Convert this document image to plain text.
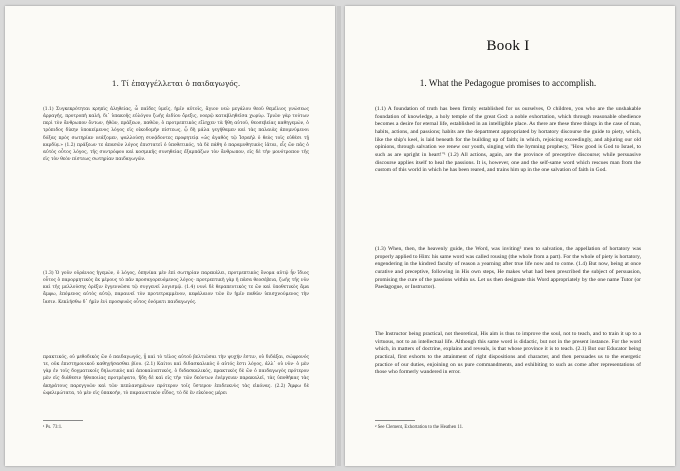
1. Τί ἐπαγγέλλεται ὁ παιδαγωγός.

(1.1) Συγκεκρότηται κρηπὶς ἀληθείας, ὦ παῖδες ὑμεῖς, ἡμῖν αὐτοῖς, ἄγιον νεὼ μεγάλου θεοῦ θεμέλιος γνώσεως ἀρραγής, προτροπὴ καλή, δι᾽ ὑπακοῆς εὐλόγου ζωῆς ἀιδίου ὄρεξις, νοερῷ καταβληθεῖσα χωρίῳ. Τριῶν γὰρ τούτων περὶ τὸν ἄνθρωπον ὄντων, ἠθῶν, πράξεων, παθῶν, ὁ προτρεπτικὸς εἴληχεν τὰ ἤθη αὐτοῦ, θεοσεβείας καθηγεμών, ὁ τρόπιδος δίκην ὑποκείμενος λόγος εἰς οἰκοδομὴν πίστεως, ᾧ δὴ μάλα γεγήθαμεν καὶ τὰς παλαιὰς ἀπομνύμενοι δόξας πρὸς σωτηρίαν νεάζομεν, ψαλλούσῃ συνᾴδοντες προφητείᾳ «ὡς ἀγαθὸς τῷ Ἰσραὴλ ὁ θεὸς τοῖς εὐθέσι τῇ καρδίᾳ.» (1.2) πράξεων τε ἁπασῶν λόγος ἐπιστατεῖ ὁ ὑποθετικός, τὰ δὲ πάθη ὁ παραμυθητικὸς ἰᾶται, εἷς ὢν πᾶς ὁ αὐτὸς οὗτος λόγος, τῆς συντρόφου καὶ κοσμικῆς συνηθείας ἐξαρπάζων τὸν ἄνθρωπον, εἰς δὲ τὴν μονότροπον τῆς εἰς τὸν θεὸν πίστεως σωτηρίαν παιδαγωγῶν.

(1.3) Ὁ γοῦν οὐράνιος ἡγεμών, ὁ λόγος, ὁπηνίκα μὲν ἐπὶ σωτηρίαν παρεκάλει, προτρεπτικὸς ὄνομα αὐτῷ ἦν ἴδιος οὗτος ὁ παρορμητικὸς ἐκ μέρους τὸ πᾶν προσαγορευόμενος λόγος· προτρεπτικὴ γὰρ ἡ πᾶσα θεοσέβεια, ζωῆς τῆς νῦν καὶ τῆς μελλούσης ὀρέξιν ἐγγεννῶσα τῷ συγγενεῖ λογισμῷ. (1.4) νυνὶ δὲ θεραπευτικὸς τε ὢν καὶ ὑποθετικὸς ἅμα ἄμφω, ἐπόμενος αὐτὸς αὑτῷ, παραινεῖ τὸν προτετραμμένον, κεφάλαιον τῶν ἐν ἡμῖν παθῶν ὑπισχνούμενος τὴν ἴασιν. Κεκλήσθω δ᾽ ἡμῖν ἑνὶ προσφυῶς οὗτος ὀνόματι παιδαγωγός.

πρακτικός, οὐ μεθοδικὸς ὢν ὁ παιδαγωγός, ᾗ καὶ τὸ τέλος αὐτοῦ βελτιῶσαι τὴν ψυχήν ἐστιν, οὐ διδάξαι, σώφρονός τε, οὐκ ἐπιστημονικοῦ καθηγήσασθαι βίου. (2.1) Καίτοι καὶ διδασκαλικὸς ὁ αὐτός ἐστι λόγος, ἀλλ᾽ οὐ νῦν· ὁ μὲν γὰρ ἐν τοῖς δογματικοῖς δηλωτικὸς καὶ ἀποκαλυπτικός, ὁ διδασκαλικός, πρακτικὸς δὲ ὢν ὁ παιδαγωγὸς πρότερον μὲν εἰς διάθεσιν ἠθοποιίας προτρέψατο, ἤδη δὲ καὶ εἰς τὴν τῶν δεόντων ἐνέργειαν παρακαλεῖ, τὰς ὑποθήκας τὰς ἀκηράτους παρεγγυῶν καὶ τῶν πεπλανημένων πρότερον τοῖς ὕστερον ἐπιδεικνὺς τὰς εἰκόνας. (2.2) Ἄμφω δὲ ὠφελιμώτατα, τὸ μὲν εἰς ὑπακοήν, τὸ παραινετικὸν εἶδος, τὸ δὲ ἐν εἰκόνος μέρει

¹ Ps. 73:1.
Book I
1. What the Pedagogue promises to accomplish.

(1.1) A foundation of truth has been firmly established for us ourselves, O children, you who are the unshakable foundation of knowledge, a holy temple of the great God: a noble exhortation, which through reasonable obedience becomes a desire for eternal life, established in an intelligible place. As there are these three things in the case of man, habits, actions, and passions; habits are the department appropriated by hortatory discourse the guide to piety, which, like the ship's keel, is laid beneath for the building up of faith; in which, rejoicing exceedingly, and abjuring our old opinions, through salvation we renew our youth, singing with the hymning prophecy, "How good is God to Israel, to such as are upright in heart!"¹ (1.2) All actions, again, are the province of preceptive discourse; while persuasive discourse applies itself to heal the passions. It is, however, one and the self-same word which rescues man from the custom of this world in which he has been reared, and trains him up in the one salvation of faith in God.

(1.3) When, then, the heavenly guide, the Word, was inviting² men to salvation, the appellation of hortatory was properly applied to Him: his same word was called rousing (the whole from a part). For the whole of piety is hortatory, engendering in the kindred faculty of reason a yearning after true life now and to come. (1.4) But now, being at once curative and preceptive, following in His own steps, He makes what had been prescribed the subject of persuasion, promising the cure of the passions within us. Let us then designate this Word appropriately by the one name Tutor (or Paedagogue, or Instructor).

The Instructor being practical, not theoretical, His aim is thus to improve the soul, not to teach, and to train it up to a virtuous, not to an intellectual life. Although this same word is didactic, but not in the present instance. For the word which, in matters of doctrine, explains and reveals, is that whose province it is to teach. (2.1) But our Educator being practical, first exhorts to the attainment of right dispositions and character, and then persuades us to the energetic practice of our duties, enjoining on us pure commandments, and exhibiting to such as come after representations of those who formerly wandered in error.

² See Clement, Exhortation to the Heathen 11.
